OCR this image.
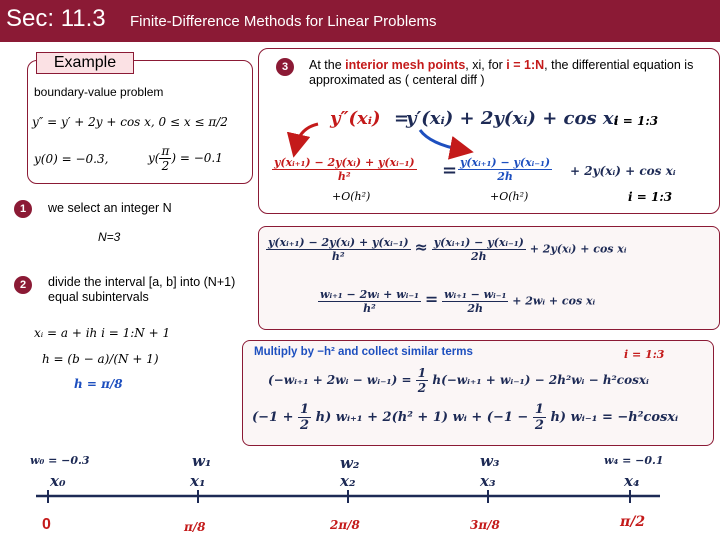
Sec: 11.3 Finite-Difference Methods for Linear Problems
Example
boundary-value problem
y″ = y′ + 2y + cos x, 0 ≤ x ≤ π/2
y(0) = −0.3,	$y( \frac{\pi}{2}$ ) = −0.1
1	we select an integer N
N=3
2	divide the interval [a, b] into (N+1) equal subintervals
xᵢ = a + ih i = 1:N + 1
h = (b − a)/(N + 1)
h = π/8
3	At the interior mesh points, xi, for i = 1:N, the differential equation is approximated as ( centeral diff )
y″(xᵢ) =
y′(xᵢ) + 2y(xᵢ) + cos xᵢ
i = 1:3
$\frac{\text{y(xᵢ₊₁) − 2y(xᵢ) + y(xᵢ₋₁)}}{\text{h²}}$
+O(h²)
= $\frac{\text{y(xᵢ₊₁) − y(xᵢ₋₁)}}{2h}$
+O(h²)
+ 2y(xᵢ) + cos xᵢ
i = 1:3
$\frac{\text{y(xᵢ₊₁) − 2y(xᵢ) + y(xᵢ₋₁)}}{\text{h²}} \approx \frac{\text{y(xᵢ₊₁) − y(xᵢ₋₁)}}{2h}$ + 2y(xᵢ) + cos xᵢ
$\frac{\text{wᵢ₊₁ − 2wᵢ + wᵢ₋₁}}{\text{h²}} = \frac{\text{wᵢ₊₁ − wᵢ₋₁}}{2h}$ + 2wᵢ + cos xᵢ
Multiply by −h² and collect similar terms	i = 1:3
(−wᵢ₊₁ + 2wᵢ − wᵢ₋₁) = $\frac{1}{2}$ h(−wᵢ₊₁ + wᵢ₋₁) − 2h²wᵢ − h²cosxᵢ
$(-1 + \frac{1}{2} h)$ wᵢ₊₁ + 2(h² + 1) wᵢ + $(-1 - \frac{1}{2} h)$ wᵢ₋₁ = −h²cosxᵢ
w₀ = −0.3	w₁	w₂	w₃	w₄ = −0.1
x₀	x₁	x₂	x₃	x₄
0	π/8	2π/8	3π/8	π/2
